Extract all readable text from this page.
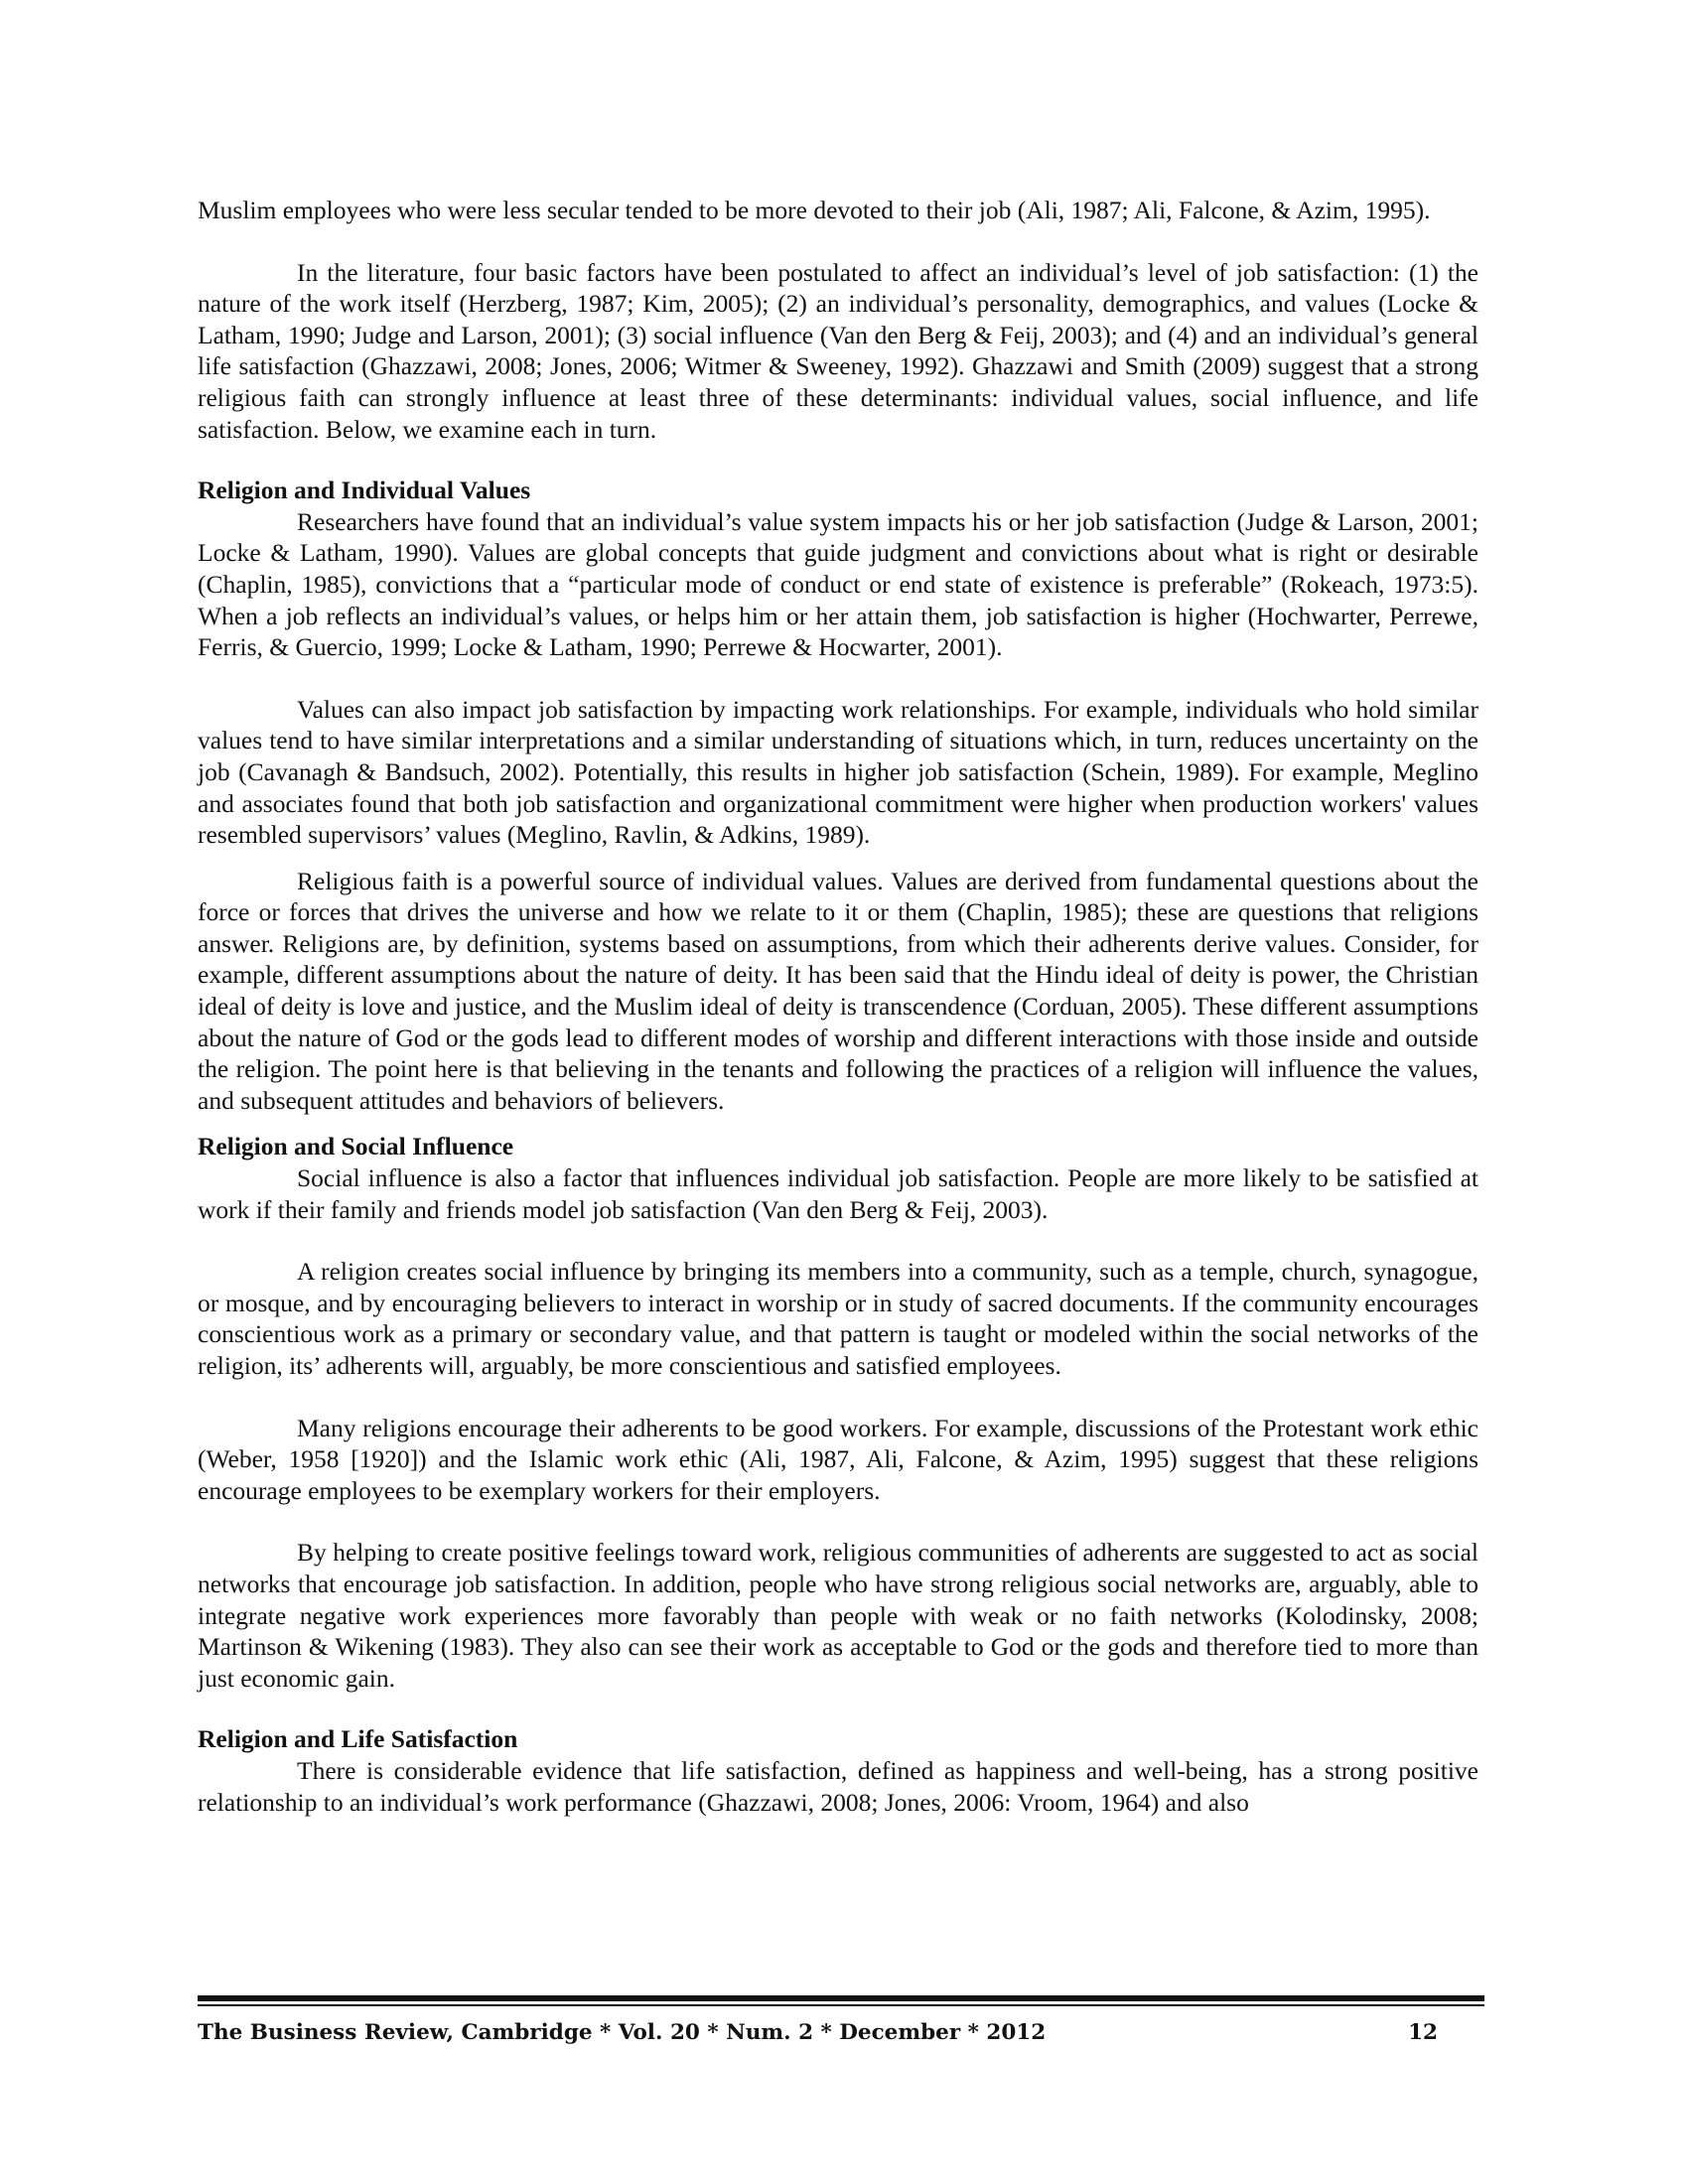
Muslim employees who were less secular tended to be more devoted to their job (Ali, 1987; Ali, Falcone, & Azim, 1995).

In the literature, four basic factors have been postulated to affect an individual’s level of job satisfaction: (1) the nature of the work itself (Herzberg, 1987; Kim, 2005); (2) an individual’s personality, demographics, and values (Locke & Latham, 1990; Judge and Larson, 2001); (3) social influence (Van den Berg & Feij, 2003); and (4) and an individual’s general life satisfaction (Ghazzawi, 2008; Jones, 2006; Witmer & Sweeney, 1992). Ghazzawi and Smith (2009) suggest that a strong religious faith can strongly influence at least three of these determinants: individual values, social influence, and life satisfaction. Below, we examine each in turn.

Religion and Individual Values

Researchers have found that an individual’s value system impacts his or her job satisfaction (Judge & Larson, 2001; Locke & Latham, 1990). Values are global concepts that guide judgment and convictions about what is right or desirable (Chaplin, 1985), convictions that a “particular mode of conduct or end state of existence is preferable” (Rokeach, 1973:5). When a job reflects an individual’s values, or helps him or her attain them, job satisfaction is higher (Hochwarter, Perrewe, Ferris, & Guercio, 1999; Locke & Latham, 1990; Perrewe & Hocwarter, 2001).

Values can also impact job satisfaction by impacting work relationships. For example, individuals who hold similar values tend to have similar interpretations and a similar understanding of situations which, in turn, reduces uncertainty on the job (Cavanagh & Bandsuch, 2002). Potentially, this results in higher job satisfaction (Schein, 1989). For example, Meglino and associates found that both job satisfaction and organizational commitment were higher when production workers' values resembled supervisors’ values (Meglino, Ravlin, & Adkins, 1989).

Religious faith is a powerful source of individual values. Values are derived from fundamental questions about the force or forces that drives the universe and how we relate to it or them (Chaplin, 1985); these are questions that religions answer. Religions are, by definition, systems based on assumptions, from which their adherents derive values. Consider, for example, different assumptions about the nature of deity. It has been said that the Hindu ideal of deity is power, the Christian ideal of deity is love and justice, and the Muslim ideal of deity is transcendence (Corduan, 2005). These different assumptions about the nature of God or the gods lead to different modes of worship and different interactions with those inside and outside the religion. The point here is that believing in the tenants and following the practices of a religion will influence the values, and subsequent attitudes and behaviors of believers.

Religion and Social Influence

Social influence is also a factor that influences individual job satisfaction. People are more likely to be satisfied at work if their family and friends model job satisfaction (Van den Berg & Feij, 2003).

A religion creates social influence by bringing its members into a community, such as a temple, church, synagogue, or mosque, and by encouraging believers to interact in worship or in study of sacred documents. If the community encourages conscientious work as a primary or secondary value, and that pattern is taught or modeled within the social networks of the religion, its’ adherents will, arguably, be more conscientious and satisfied employees.

Many religions encourage their adherents to be good workers. For example, discussions of the Protestant work ethic (Weber, 1958 [1920]) and the Islamic work ethic (Ali, 1987, Ali, Falcone, & Azim, 1995) suggest that these religions encourage employees to be exemplary workers for their employers.

By helping to create positive feelings toward work, religious communities of adherents are suggested to act as social networks that encourage job satisfaction. In addition, people who have strong religious social networks are, arguably, able to integrate negative work experiences more favorably than people with weak or no faith networks (Kolodinsky, 2008; Martinson & Wikening (1983). They also can see their work as acceptable to God or the gods and therefore tied to more than just economic gain.

Religion and Life Satisfaction

There is considerable evidence that life satisfaction, defined as happiness and well-being, has a strong positive relationship to an individual’s work performance (Ghazzawi, 2008; Jones, 2006: Vroom, 1964) and also

The Business Review, Cambridge * Vol. 20 * Num. 2 * December * 2012	12
